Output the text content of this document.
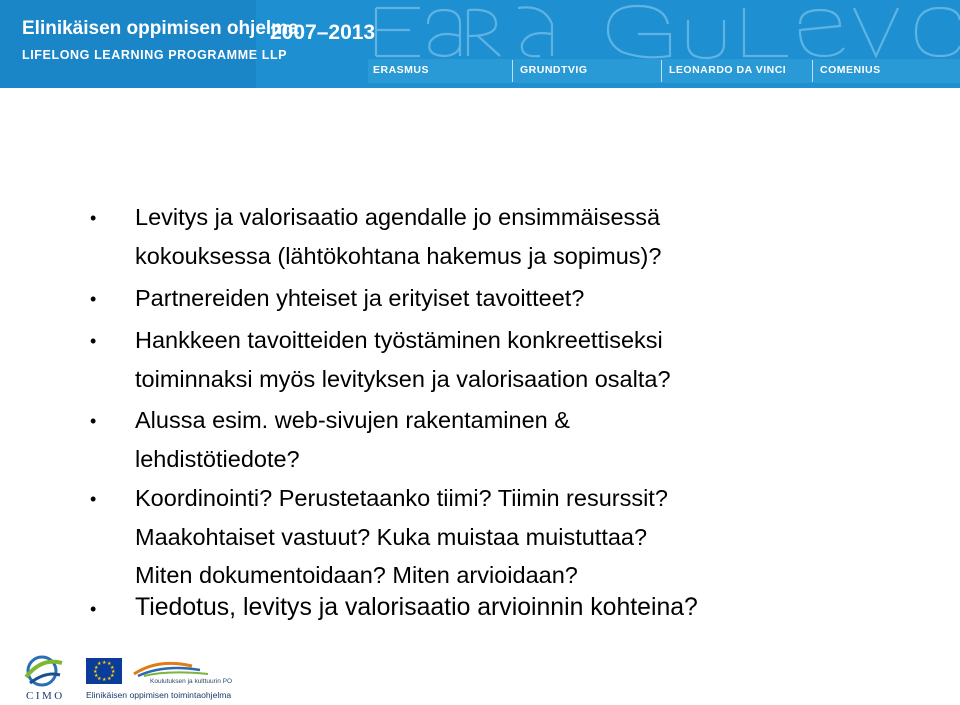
Elinikäisen oppimisen ohjelma
LIFELONG LEARNING PROGRAMME LLP
2007–2013
ERASMUS	GRUNDTVIG	LEONARDO DA VINCI	COMENIUS
•	Levitys ja valorisaatio agendalle jo ensimmäisessä
kokouksessa (lähtökohtana hakemus ja sopimus)?
•	Partnereiden yhteiset ja erityiset tavoitteet?
•	Hankkeen tavoitteiden työstäminen konkreettiseksi
toiminnaksi myös levityksen ja valorisaation osalta?
•	Alussa esim. web-sivujen rakentaminen &
lehdistötiedote?
•	Koordinointi? Perustetaanko tiimi? Tiimin resurssit?
Maakohtaiset vastuut? Kuka muistaa muistuttaa?
Miten dokumentoidaan? Miten arvioidaan?
•	Tiedotus, levitys ja valorisaatio arvioinnin kohteina?
CIMO
★ ★
★
★
★
★
★
★
★
★
★
★
Koulutuksen ja kulttuurin PO
Elinikäisen oppimisen toimintaohjelma
